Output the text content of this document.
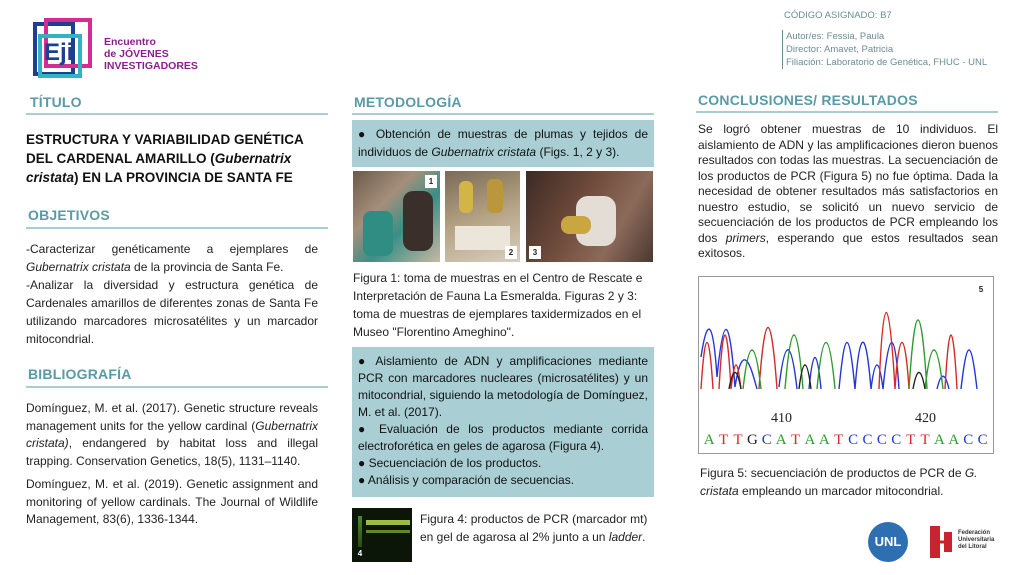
Eji	Encuentro
de JÓVENES
INVESTIGADORES
CÓDIGO ASIGNADO: B7
Autor/es: Fessia, Paula
Director: Amavet, Patricia
Filiación: Laboratorio de Genética, FHUC - UNL
TÍTULO
ESTRUCTURA Y VARIABILIDAD GENÉTICA
DEL CARDENAL AMARILLO (Gubernatrix
cristata) EN LA PROVINCIA DE SANTA FE
OBJETIVOS
-Caracterizar genéticamente a ejemplares de Gubernatrix cristata de la provincia de Santa Fe.
-Analizar la diversidad y estructura genética de Cardenales amarillos de diferentes zonas de Santa Fe utilizando marcadores microsatélites y un marcador mitocondrial.
BIBLIOGRAFÍA
Domínguez, M. et al. (2017). Genetic structure reveals management units for the yellow cardinal (Gubernatrix cristata), endangered by habitat loss and illegal trapping. Conservation Genetics, 18(5), 1131–1140.
Domínguez, M. et al. (2019). Genetic assignment and monitoring of yellow cardinals. The Journal of Wildlife Management, 83(6), 1336-1344.
METODOLOGÍA
● Obtención de muestras de plumas y tejidos de individuos de Gubernatrix cristata (Figs. 1, 2 y 3).
1
2	3
Figura 1: toma de muestras en el Centro de Rescate e Interpretación de Fauna La Esmeralda. Figuras 2 y 3: toma de muestras de ejemplares taxidermizados en el Museo "Florentino Ameghino".
● Aislamiento de ADN y amplificaciones mediante PCR con marcadores nucleares (microsatélites) y un mitocondrial, siguiendo la metodología de Domínguez, M. et al. (2017).
● Evaluación de los productos mediante corrida electroforética en geles de agarosa (Figura 4).
● Secuenciación de los productos.
● Análisis y comparación de secuencias.
4
Figura 4: productos de PCR (marcador mt) en gel de agarosa al 2% junto a un ladder.
CONCLUSIONES/ RESULTADOS
Se logró obtener muestras de 10 individuos. El aislamiento de ADN y las amplificaciones dieron buenos resultados con todas las muestras. La secuenciación de los productos de PCR (Figura 5) no fue óptima. Dada la necesidad de obtener resultados más satisfactorios en nuestro estudio, se solicitó un nuevo servicio de secuenciación de los productos de PCR empleando los dos primers, esperando que estos resultados sean exitosos.
5
410	420
A T T G C A T A A T C C C C T T A A C C
Figura 5: secuenciación de productos de PCR de G. cristata empleando un marcador mitocondrial.
UNL
Federación
Universitaria
del Litoral
